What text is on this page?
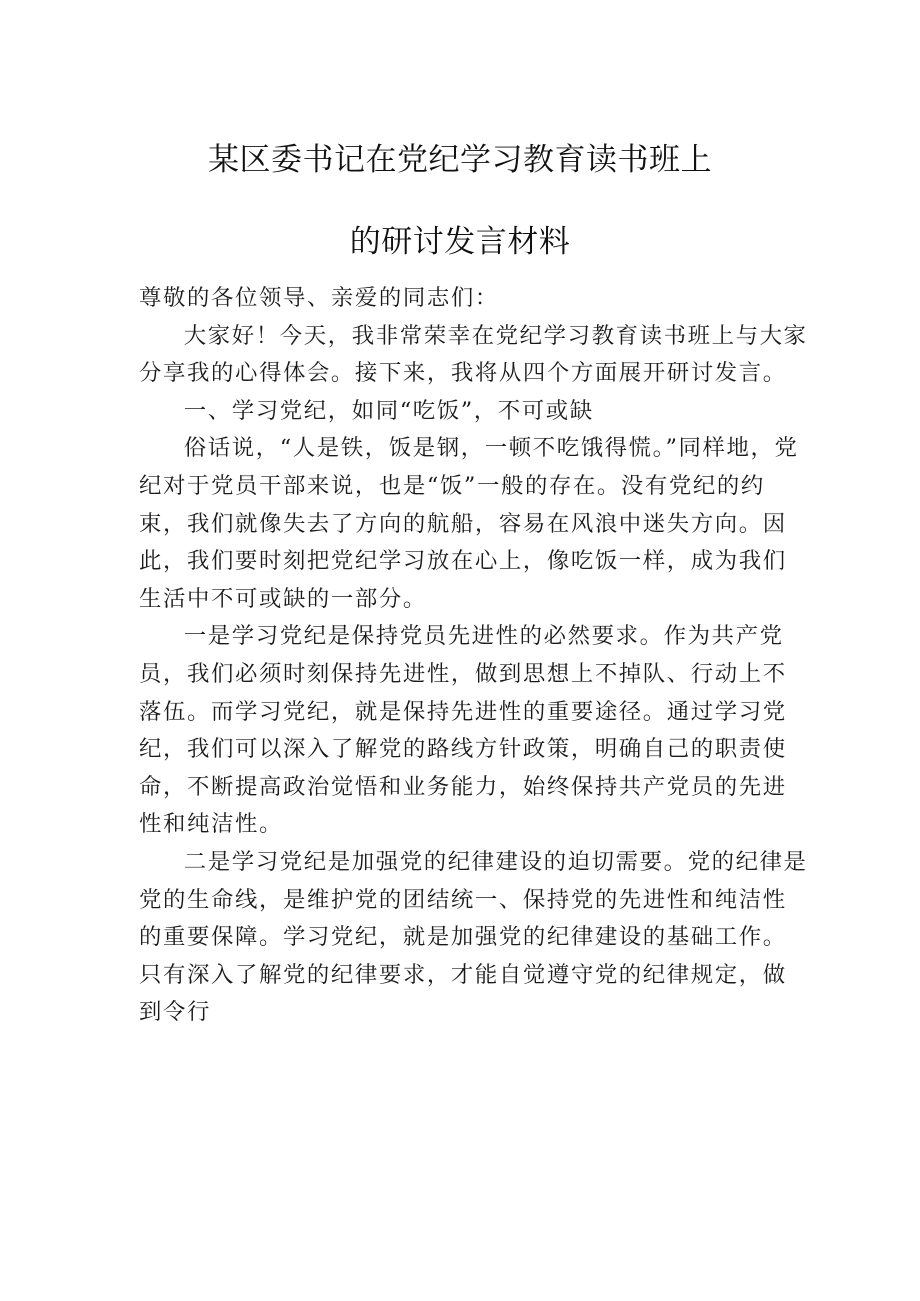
某区委书记在党纪学习教育读书班上
的研讨发言材料

尊敬的各位领导、亲爱的同志们：

大家好！今天，我非常荣幸在党纪学习教育读书班上与大家分享我的心得体会。接下来，我将从四个方面展开研讨发言。

一、学习党纪，如同“吃饭”，不可或缺

俗话说，“人是铁，饭是钢，一顿不吃饿得慌。”同样地，党纪对于党员干部来说，也是“饭”一般的存在。没有党纪的约束，我们就像失去了方向的航船，容易在风浪中迷失方向。因此，我们要时刻把党纪学习放在心上，像吃饭一样，成为我们生活中不可或缺的一部分。

一是学习党纪是保持党员先进性的必然要求。作为共产党员，我们必须时刻保持先进性，做到思想上不掉队、行动上不落伍。而学习党纪，就是保持先进性的重要途径。通过学习党纪，我们可以深入了解党的路线方针政策，明确自己的职责使命，不断提高政治觉悟和业务能力，始终保持共产党员的先进性和纯洁性。

二是学习党纪是加强党的纪律建设的迫切需要。党的纪律是党的生命线，是维护党的团结统一、保持党的先进性和纯洁性的重要保障。学习党纪，就是加强党的纪律建设的基础工作。只有深入了解党的纪律要求，才能自觉遵守党的纪律规定，做到令行
